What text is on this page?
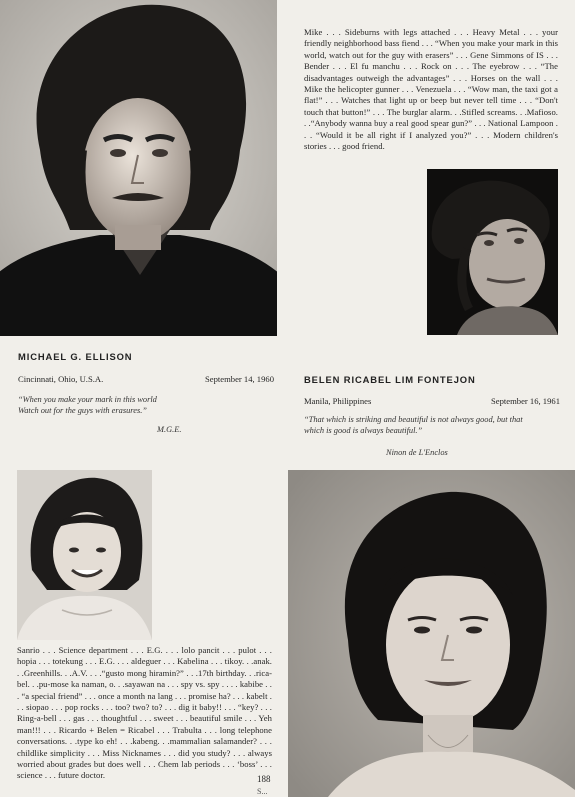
Mike . . . Sideburns with legs attached . . . Heavy Metal . . . your friendly neighborhood bass fiend . . . “When you make your mark in this world, watch out for the guy with erasers” . . . Gene Simmons of IS . . . Bender . . . El fu manchu . . . Rock on . . . The eyebrow . . . “The disadvantages outweigh the advantages” . . . Horses on the wall . . . Mike the helicopter gunner . . . Venezuela . . . “Wow man, the taxi got a flat!” . . . Watches that light up or beep but never tell time . . . “Don't touch that button!” . . . The burglar alarm. . .Stifled screams. . .Mafioso. . .“Anybody wanna buy a real good spear gun?” . . . National Lampoon . . . “Would it be all right if I analyzed you?” . . . Modern children's stories . . . good friend.
MICHAEL G. ELLISON
Cincinnati, Ohio, U.S.A.	September 14, 1960
“When you make your mark in this world
Watch out for the guys with erasures.”
M.G.E.
BELEN RICABEL LIM FONTEJON
Manila, Philippines	September 16, 1961
“That which is striking and beautiful is not always good, but that
which is good is always beautiful.”
Ninon de L'Enclos
Sanrio . . . Science department . . . E.G. . . . lolo pancit . . . pulot . . . hopia . . . totekung . . . E.G. . . . aldeguer . . . Kabelina . . . tikoy. . .anak. . .Greenhills. . .A.V. . . .“gusto mong hiramin?” . . .17th birthday. . .rica-bel. . .pu-mose ka naman, o. . .sayawan na . . . spy vs. spy . . . . kabibe . . . “a special friend” . . . once a month na lang . . . promise ha? . . . kabelt . . . siopao . . . pop rocks . . . too? two? to? . . . dig it baby!! . . . “key? . . . Ring-a-bell . . . gas . . . thoughtful . . . sweet . . . beautiful smile . . . Yeh man!!! . . . Ricardo + Belen = Ricabel . . . Trabulta . . . long telephone conversations. . .type ko eh! . . .kabeng. . .mammalian salamander? . . . childlike simplicity . . . Miss Nicknames . . . did you study? . . . always worried about grades but does well . . . Chem lab periods . . . ‘boss’ . . . science . . . future doctor.	188
S...
